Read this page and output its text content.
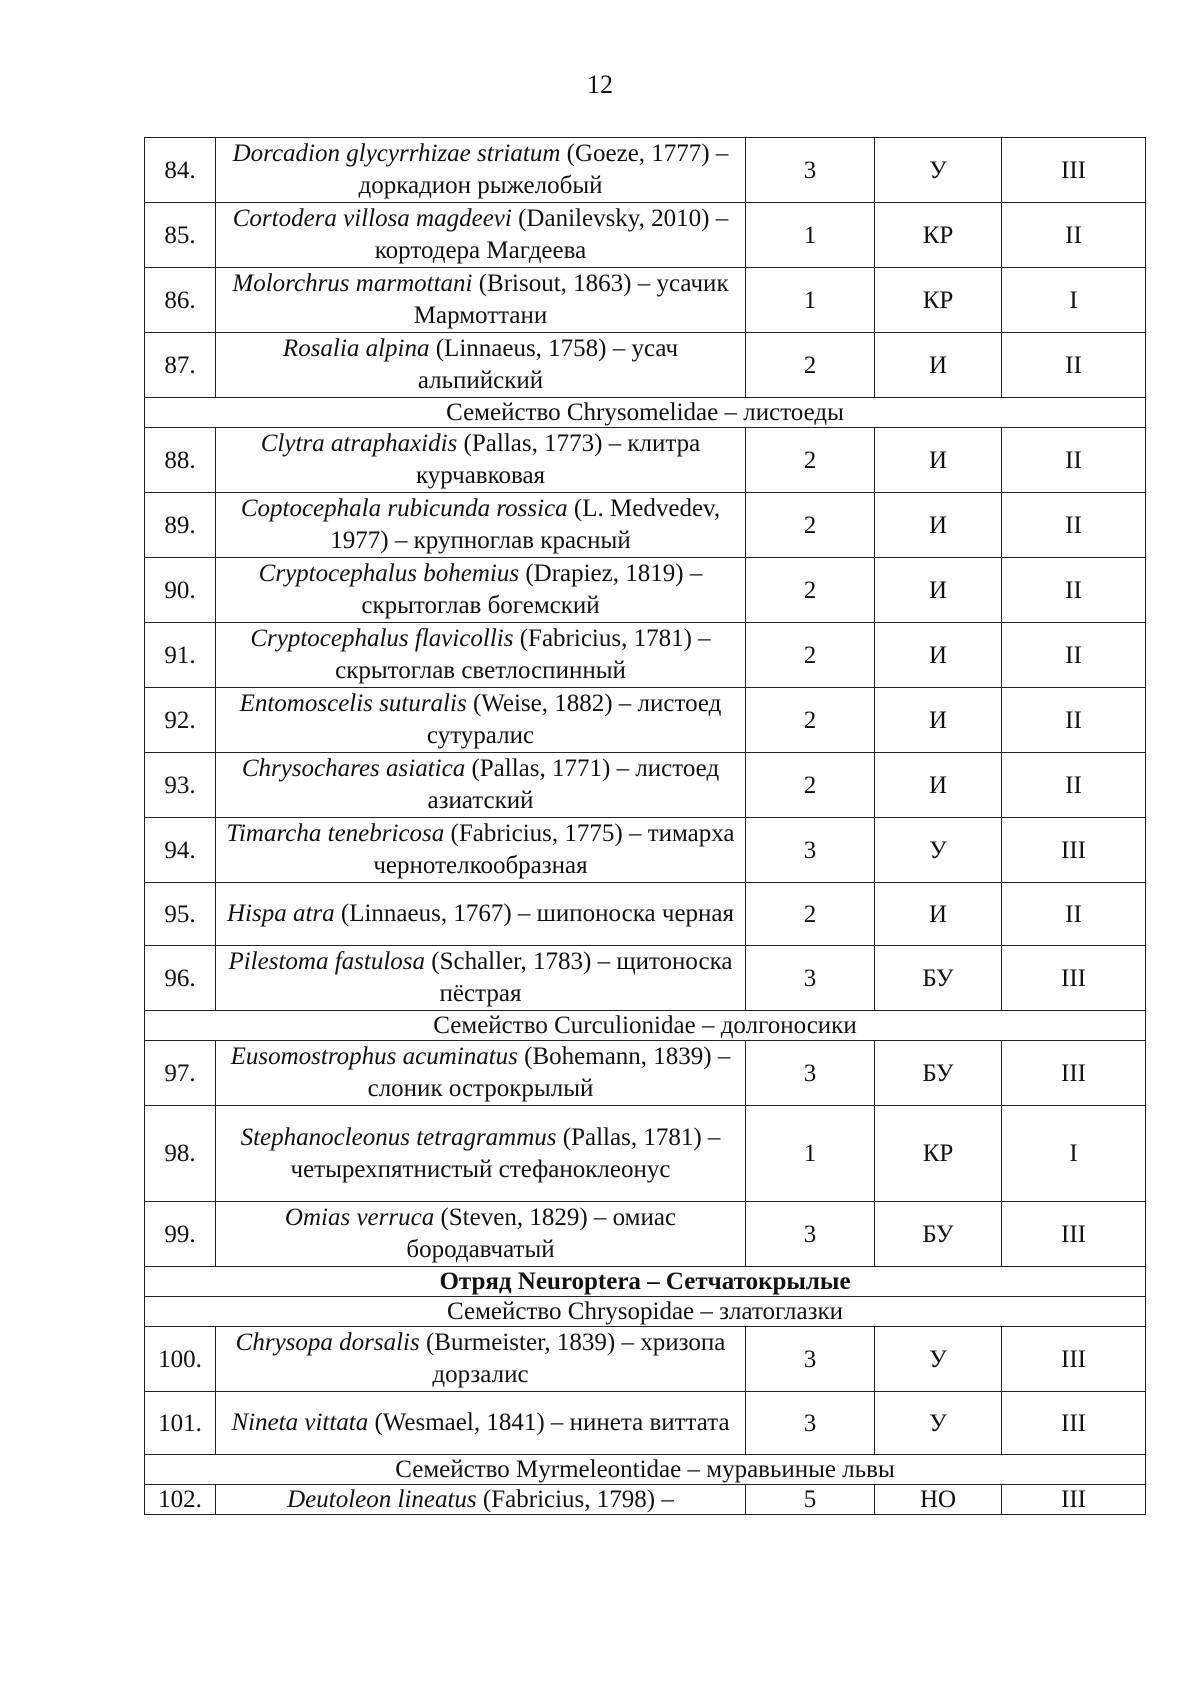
12
84.	Dorcadion glycyrrhizae striatum (Goeze, 1777) – доркадион рыжелобый	3	У	III
85.	Cortodera villosa magdeevi (Danilevsky, 2010) – кортодера Магдеева	1	КР	II
86.	Molorchrus marmottani (Brisout, 1863) – усачик Мармоттани	1	КР	I
87.	Rosalia alpina (Linnaeus, 1758) – усач альпийский	2	И	II
Семейство Chrysomelidae – листоеды				
88.	Clytra atraphaxidis (Pallas, 1773) – клитра курчавковая	2	И	II
89.	Coptocephala rubicunda rossica (L. Medvedev, 1977) – крупноглав красный	2	И	II
90.	Cryptocephalus bohemius (Drapiez, 1819) – скрытоглав богемский	2	И	II
91.	Cryptocephalus flavicollis (Fabricius, 1781) – скрытоглав светлоспинный	2	И	II
92.	Entomoscelis suturalis (Weise, 1882) – листоед сутуралис	2	И	II
93.	Chrysochares asiatica (Pallas, 1771) – листоед азиатский	2	И	II
94.	Timarcha tenebricosa (Fabricius, 1775) – тимарха чернотелкообразная	3	У	III
95.	Hispa atra (Linnaeus, 1767) – шипоноска черная	2	И	II
96.	Pilestoma fastulosa (Schaller, 1783) – щитоноска пёстрая	3	БУ	III
Семейство Curculionidae – долгоносики				
97.	Eusomostrophus acuminatus (Bohemann, 1839) – слоник острокрылый	3	БУ	III
98.	Stephanocleonus tetragrammus (Pallas, 1781) – четырехпятнистый стефаноклеонус	1	КР	I
99.	Omias verruca (Steven, 1829) – омиас бородавчатый	3	БУ	III
Отряд Neuroptera – Сетчатокрылые				
Семейство Chrysopidae – златоглазки				
100.	Chrysopa dorsalis (Burmeister, 1839) – хризопа дорзалис	3	У	III
101.	Nineta vittata (Wesmael, 1841) – нинета виттата	3	У	III
Семейство Myrmeleontidae – муравьиные львы				
102.	Deutoleon lineatus (Fabricius, 1798) –	5	НО	III
